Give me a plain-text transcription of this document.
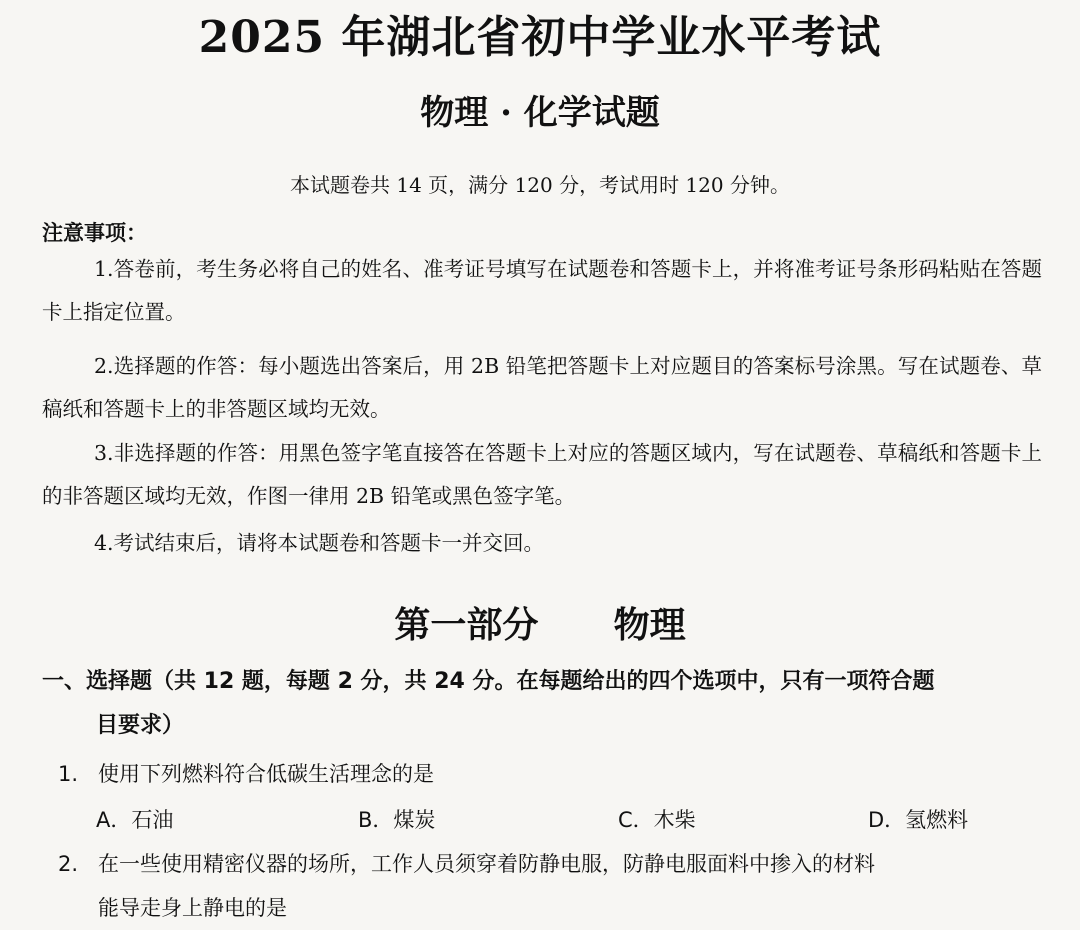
2025 年湖北省初中学业水平考试
物理 · 化学试题
本试题卷共 14 页，满分 120 分，考试用时 120 分钟。
注意事项：
1.答卷前，考生务必将自己的姓名、准考证号填写在试题卷和答题卡上，并将准考证号条形码粘贴在答题卡上指定位置。
2.选择题的作答：每小题选出答案后，用 2B 铅笔把答题卡上对应题目的答案标号涂黑。写在试题卷、草稿纸和答题卡上的非答题区域均无效。
3.非选择题的作答：用黑色签字笔直接答在答题卡上对应的答题区域内，写在试题卷、草稿纸和答题卡上的非答题区域均无效，作图一律用 2B 铅笔或黑色签字笔。
4.考试结束后，请将本试题卷和答题卡一并交回。
第一部分      物理
一、选择题（共 12 题，每题 2 分，共 24 分。在每题给出的四个选项中，只有一项符合题
目要求）
1. 使用下列燃料符合低碳生活理念的是
A．石油	B．煤炭	C．木柴	D．氢燃料
2. 在一些使用精密仪器的场所，工作人员须穿着防静电服，防静电服面料中掺入的材料
能导走身上静电的是
